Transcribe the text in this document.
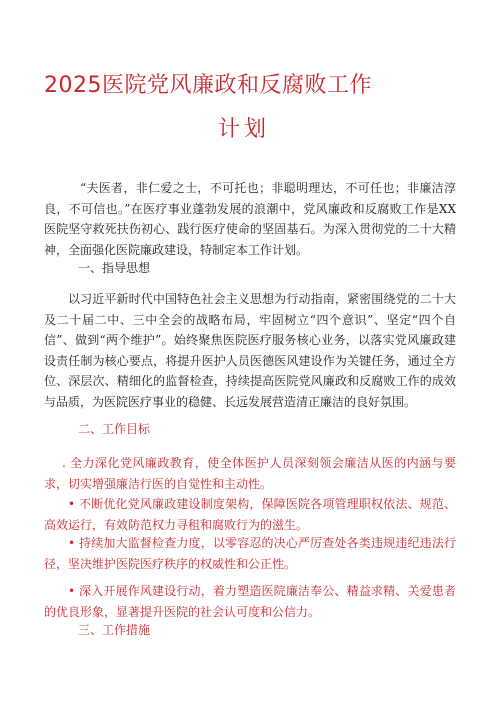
2025医院党风廉政和反腐败工作
计划
“夫医者，非仁爱之士，不可托也；非聪明理达，不可任也；非廉洁淳良，不可信也。”在医疗事业蓬勃发展的浪潮中，党风廉政和反腐败工作是XX医院坚守救死扶伤初心、践行医疗使命的坚固基石。为深入贯彻党的二十大精神，全面强化医院廉政建设，特制定本工作计划。
一、指导思想
以习近平新时代中国特色社会主义思想为行动指南，紧密围绕党的二十大及二十届二中、三中全会的战略布局，牢固树立“四个意识”、坚定“四个自信”、做到“两个维护”。始终聚焦医院医疗服务核心业务，以落实党风廉政建设责任制为核心要点，将提升医护人员医德医风建设作为关键任务，通过全方位、深层次、精细化的监督检查，持续提高医院党风廉政和反腐败工作的成效与品质，为医院医疗事业的稳健、长远发展营造清正廉洁的良好氛围。
二、工作目标
. 全力深化党风廉政教育，使全体医护人员深刻领会廉洁从医的内涵与要求，切实增强廉洁行医的自觉性和主动性。
• 不断优化党风廉政建设制度架构，保障医院各项管理职权依法、规范、高效运行，有效防范权力寻租和腐败行为的滋生。
• 持续加大监督检查力度，以零容忍的决心严厉查处各类违规违纪违法行径，坚决维护医院医疗秩序的权威性和公正性。
• 深入开展作风建设行动，着力塑造医院廉洁奉公、精益求精、关爱患者的优良形象，显著提升医院的社会认可度和公信力。
三、工作措施
